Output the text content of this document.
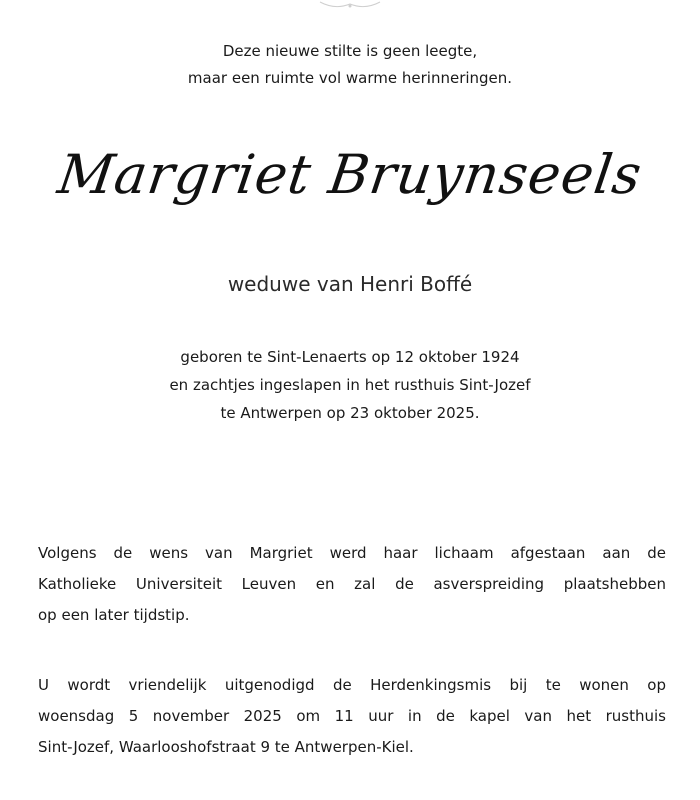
Deze nieuwe stilte is geen leegte,
maar een ruimte vol warme herinneringen.
Margriet Bruynseels
weduwe van Henri Boffé
geboren te Sint-Lenaerts op 12 oktober 1924
en zachtjes ingeslapen in het rusthuis Sint-Jozef
te Antwerpen op 23 oktober 2025.
Volgens de wens van Margriet werd haar lichaam afgestaan aan de
Katholieke Universiteit Leuven en zal de asverspreiding plaatshebben
op een later tijdstip.
U wordt vriendelijk uitgenodigd de Herdenkingsmis bij te wonen op
woensdag 5 november 2025 om 11 uur in de kapel van het rusthuis
Sint-Jozef, Waarlooshofstraat 9 te Antwerpen-Kiel.
